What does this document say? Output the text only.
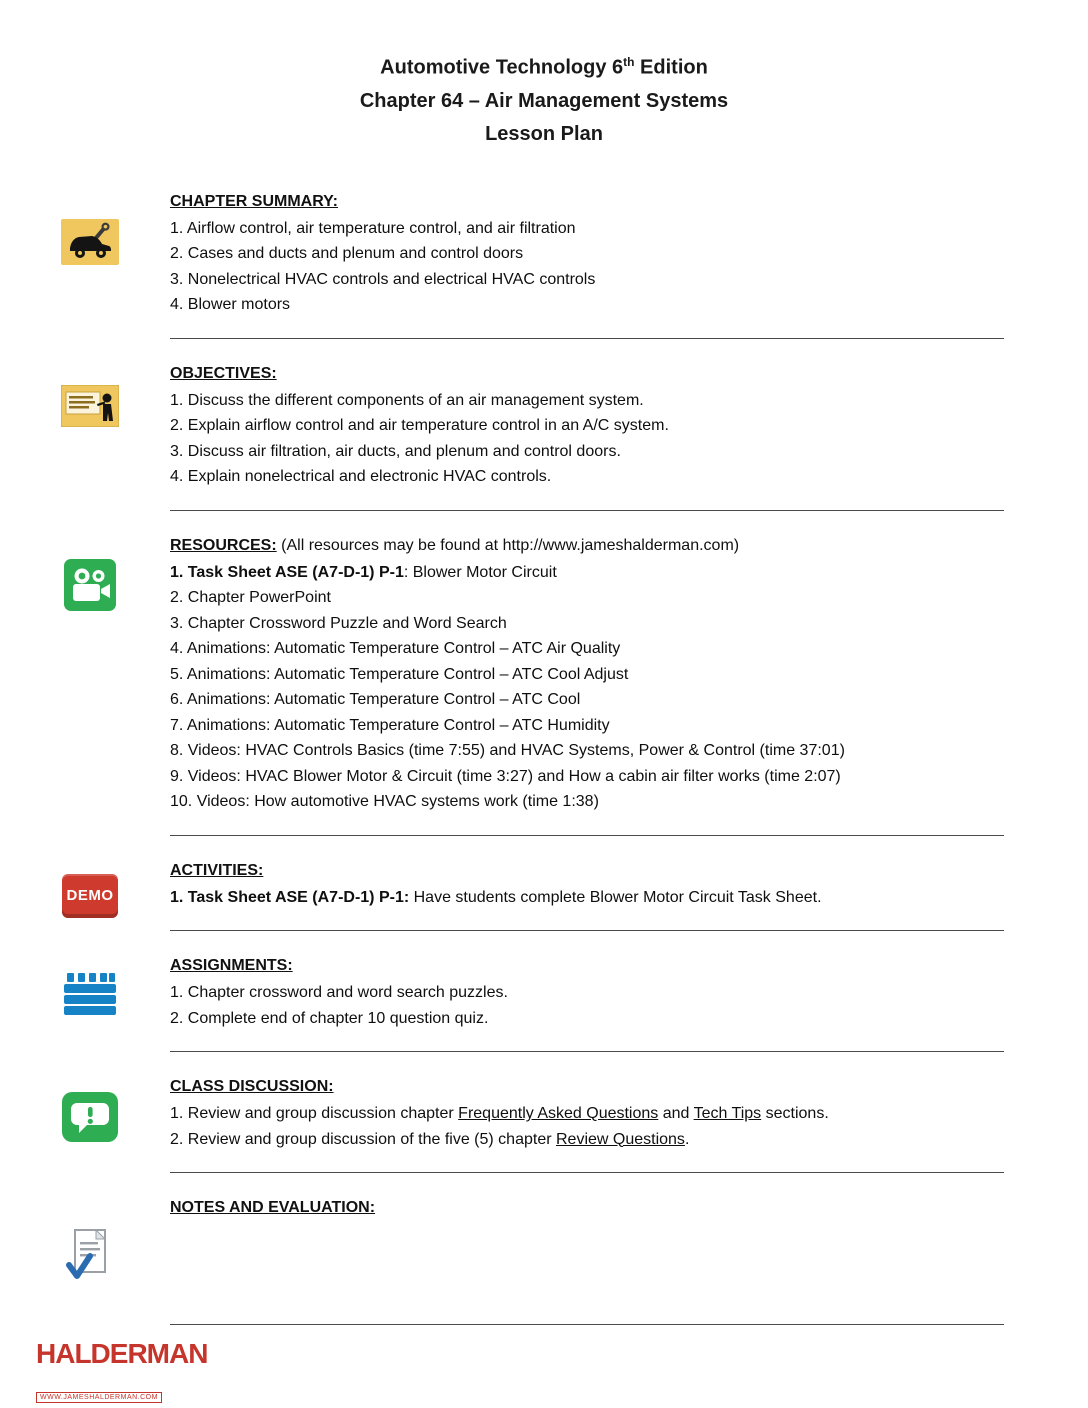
Automotive Technology 6th Edition
Chapter 64 – Air Management Systems
Lesson Plan
CHAPTER SUMMARY:
1. Airflow control, air temperature control, and air filtration
2. Cases and ducts and plenum and control doors
3. Nonelectrical HVAC controls and electrical HVAC controls
4. Blower motors
OBJECTIVES:
1. Discuss the different components of an air management system.
2. Explain airflow control and air temperature control in an A/C system.
3. Discuss air filtration, air ducts, and plenum and control doors.
4. Explain nonelectrical and electronic HVAC controls.
RESOURCES: (All resources may be found at http://www.jameshalderman.com)
1. Task Sheet ASE (A7-D-1) P-1: Blower Motor Circuit
2. Chapter PowerPoint
3. Chapter Crossword Puzzle and Word Search
4. Animations: Automatic Temperature Control – ATC Air Quality
5. Animations: Automatic Temperature Control – ATC Cool Adjust
6. Animations: Automatic Temperature Control – ATC Cool
7. Animations: Automatic Temperature Control – ATC Humidity
8. Videos: HVAC Controls Basics (time 7:55) and HVAC Systems, Power & Control (time 37:01)
9. Videos: HVAC Blower Motor & Circuit (time 3:27) and How a cabin air filter works (time 2:07)
10. Videos: How automotive HVAC systems work (time 1:38)
DEMO
ACTIVITIES:
1. Task Sheet ASE (A7-D-1) P-1: Have students complete Blower Motor Circuit Task Sheet.
ASSIGNMENTS:
1. Chapter crossword and word search puzzles.
2. Complete end of chapter 10 question quiz.
CLASS DISCUSSION:
1. Review and group discussion chapter Frequently Asked Questions and Tech Tips sections.
2. Review and group discussion of the five (5) chapter Review Questions.
NOTES AND EVALUATION:
HALDERMAN

WWW.JAMESHALDERMAN.COM
